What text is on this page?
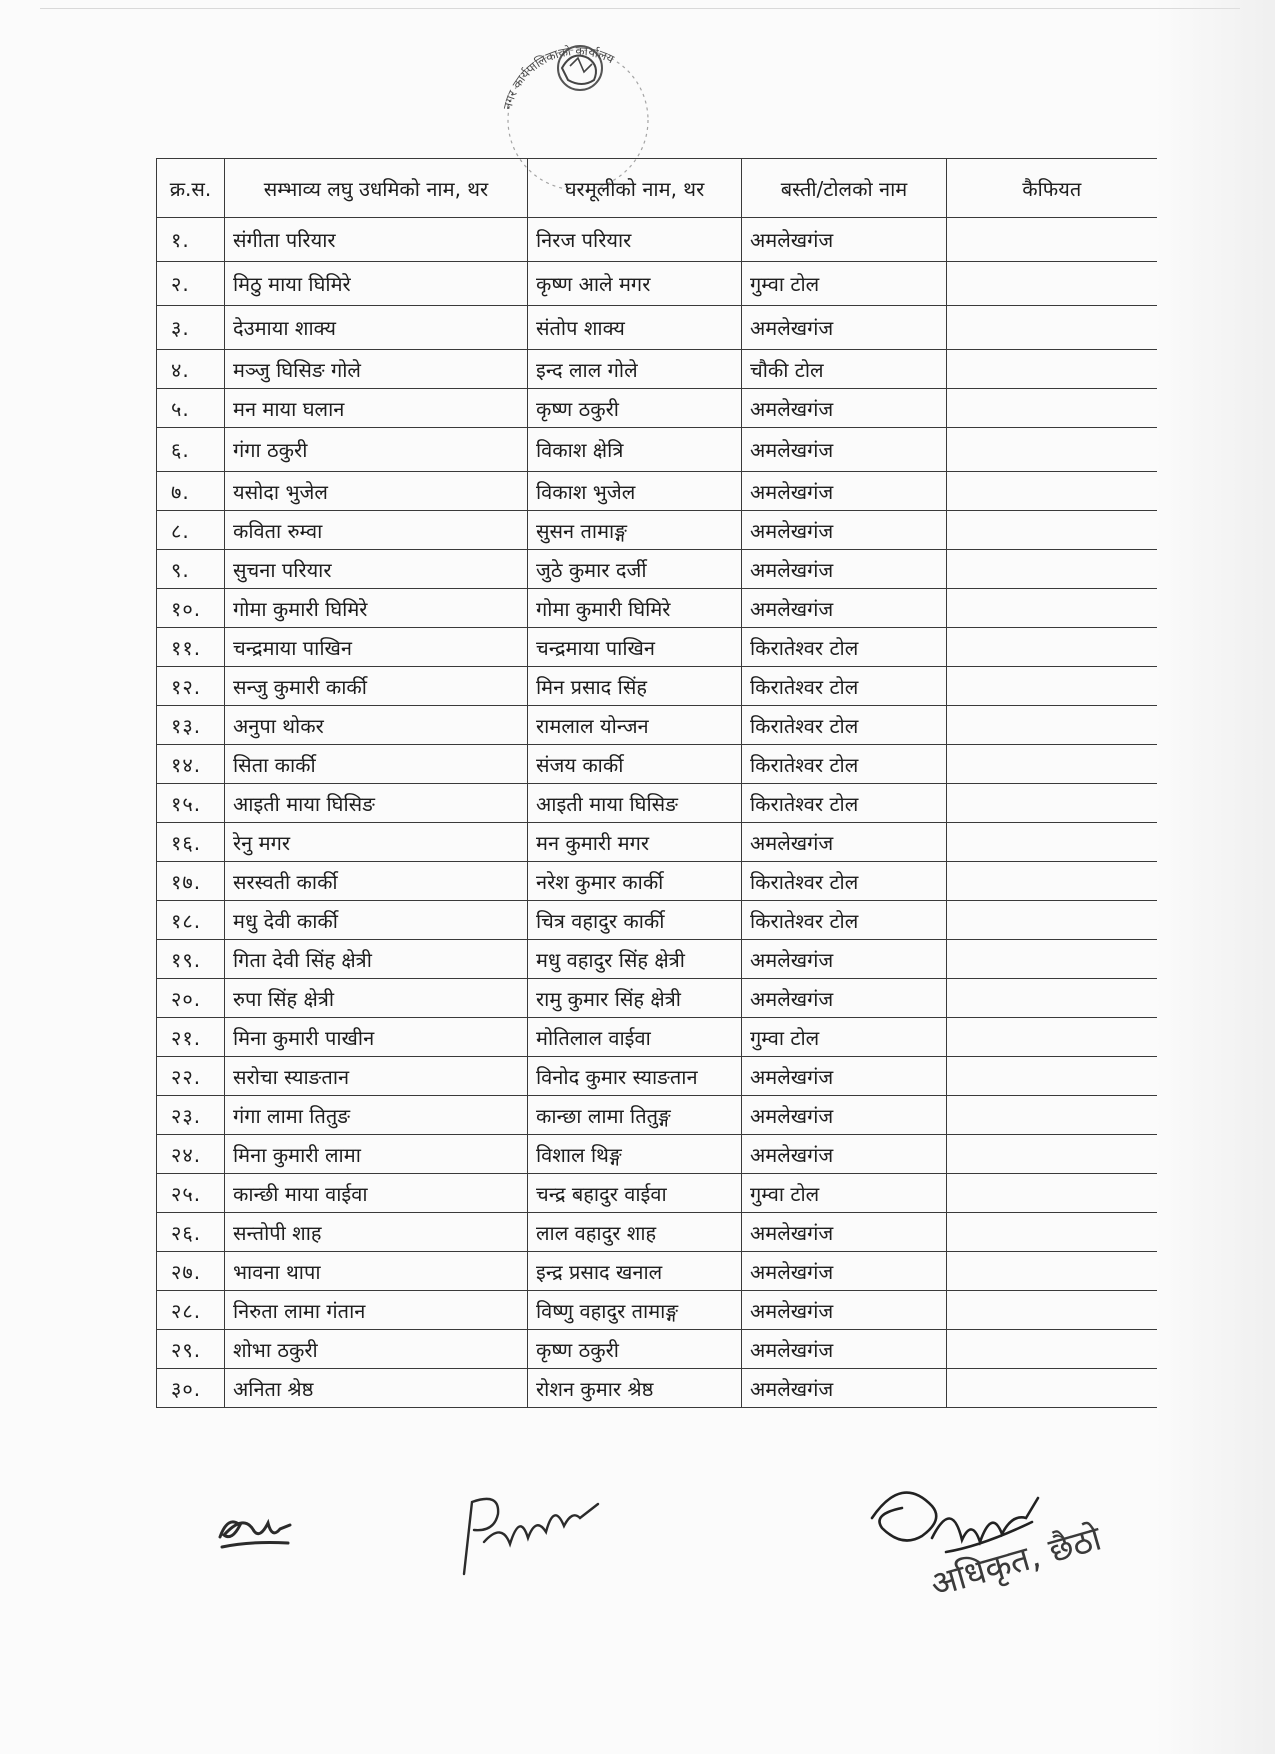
नगर कार्यपालिकाको कार्यालय
क्र.स.	सम्भाव्य लघु उधमिको नाम, थर	घरमूलीको नाम, थर	बस्ती/टोलको नाम	कैफियत
१.	संगीता परियार	निरज परियार	अमलेखगंज	
२.	मिठु माया घिमिरे	कृष्ण आले मगर	गुम्वा टोल	
३.	देउमाया शाक्य	संतोप शाक्य	अमलेखगंज	
४.	मञ्जु घिसिङ गोले	इन्द लाल गोले	चौकी टोल	
५.	मन माया घलान	कृष्ण ठकुरी	अमलेखगंज	
६.	गंगा ठकुरी	विकाश क्षेत्रि	अमलेखगंज	
७.	यसोदा भुजेल	विकाश भुजेल	अमलेखगंज	
८.	कविता रुम्वा	सुसन तामाङ्ग	अमलेखगंज	
९.	सुचना परियार	जुठे कुमार दर्जी	अमलेखगंज	
१०.	गोमा कुमारी घिमिरे	गोमा कुमारी घिमिरे	अमलेखगंज	
११.	चन्द्रमाया पाखिन	चन्द्रमाया पाखिन	किरातेश्वर टोल	
१२.	सन्जु कुमारी कार्की	मिन प्रसाद सिंह	किरातेश्वर टोल	
१३.	अनुपा थोकर	रामलाल योन्जन	किरातेश्वर टोल	
१४.	सिता कार्की	संजय कार्की	किरातेश्वर टोल	
१५.	आइती माया घिसिङ	आइती माया घिसिङ	किरातेश्वर टोल	
१६.	रेनु मगर	मन कुमारी मगर	अमलेखगंज	
१७.	सरस्वती कार्की	नरेश कुमार कार्की	किरातेश्वर टोल	
१८.	मधु देवी कार्की	चित्र वहादुर कार्की	किरातेश्वर टोल	
१९.	गिता देवी सिंह क्षेत्री	मधु वहादुर सिंह क्षेत्री	अमलेखगंज	
२०.	रुपा सिंह क्षेत्री	रामु कुमार सिंह क्षेत्री	अमलेखगंज	
२१.	मिना कुमारी पाखीन	मोतिलाल वाईवा	गुम्वा टोल	
२२.	सरोचा स्याङतान	विनोद कुमार स्याङतान	अमलेखगंज	
२३.	गंगा लामा तितुङ	कान्छा लामा तितुङ्ग	अमलेखगंज	
२४.	मिना कुमारी लामा	विशाल थिङ्ग	अमलेखगंज	
२५.	कान्छी माया वाईवा	चन्द्र बहादुर वाईवा	गुम्वा टोल	
२६.	सन्तोपी शाह	लाल वहादुर शाह	अमलेखगंज	
२७.	भावना थापा	इन्द्र प्रसाद खनाल	अमलेखगंज	
२८.	निरुता लामा गंतान	विष्णु वहादुर तामाङ्ग	अमलेखगंज	
२९.	शोभा ठकुरी	कृष्ण ठकुरी	अमलेखगंज	
३०.	अनिता श्रेष्ठ	रोशन कुमार श्रेष्ठ	अमलेखगंज	
अधिकृत, छैठो
